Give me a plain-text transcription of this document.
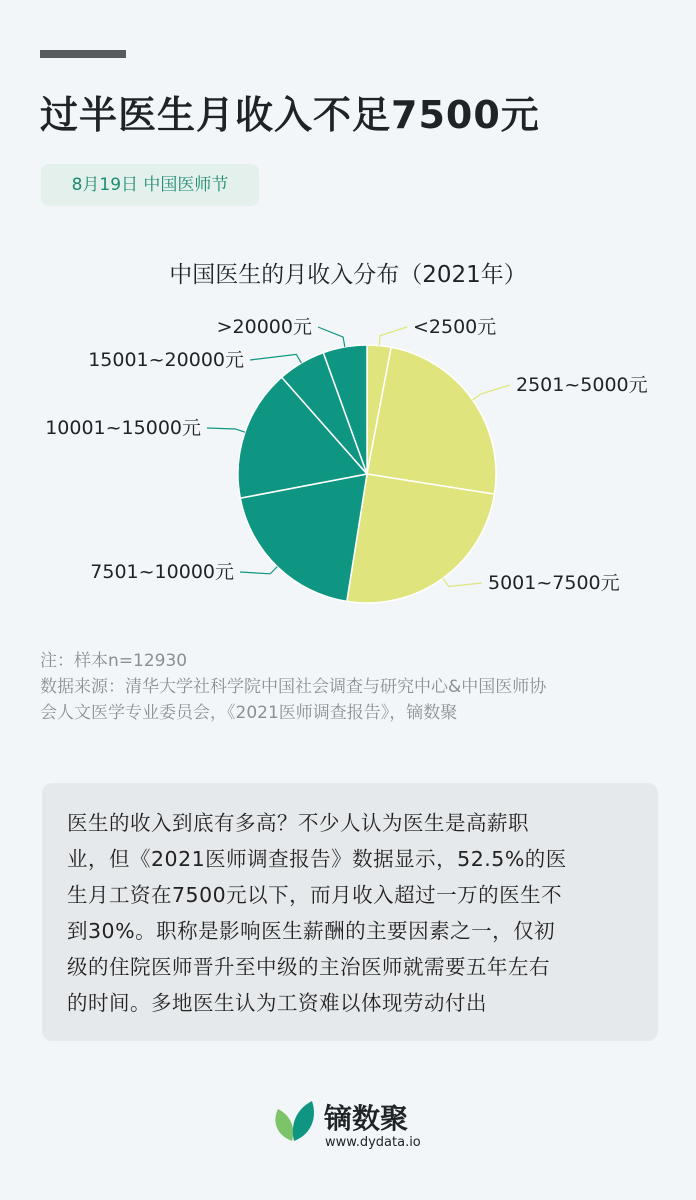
过半医生月收入不足7500元
8月19日 中国医师节
中国医生的月收入分布（2021年）
<2500元
2501~5000元
5001~7500元
7501~10000元
10001~15000元
15001~20000元
>20000元
注：样本n=12930
数据来源：清华大学社科学院中国社会调查与研究中心&中国医师协
会人文医学专业委员会，《2021医师调查报告》，镝数聚
医生的收入到底有多高？不少人认为医生是高薪职
业，但《2021医师调查报告》数据显示，52.5%的医
生月工资在7500元以下，而月收入超过一万的医生不
到30%。职称是影响医生薪酬的主要因素之一，仅初
级的住院医师晋升至中级的主治医师就需要五年左右
的时间。多地医生认为工资难以体现劳动付出
镝数聚
www.dydata.io
